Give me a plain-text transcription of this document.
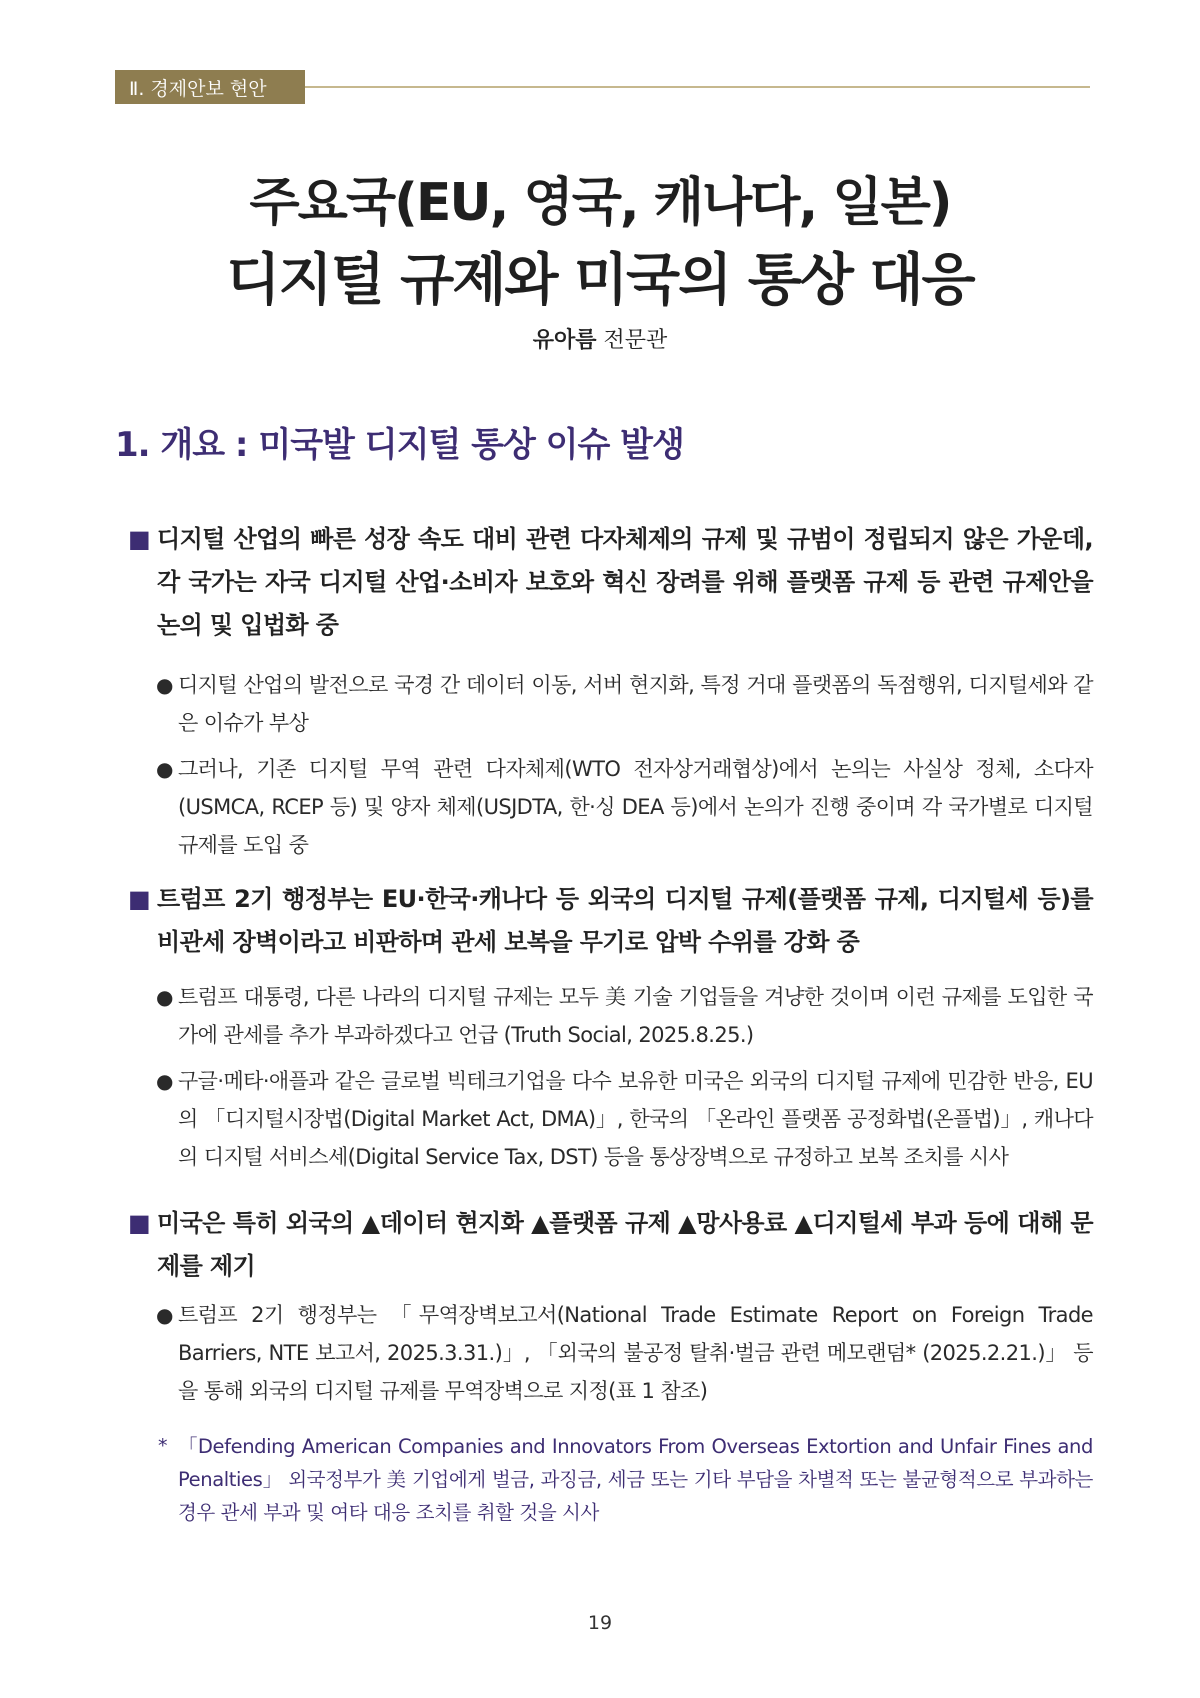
Ⅱ. 경제안보 현안
주요국(EU, 영국, 캐나다, 일본)
디지털 규제와 미국의 통상 대응
유아름 전문관
1. 개요 : 미국발 디지털 통상 이슈 발생
■ 디지털 산업의 빠른 성장 속도 대비 관련 다자체제의 규제 및 규범이 정립되지 않은 가운데, 각 국가는 자국 디지털 산업·소비자 보호와 혁신 장려를 위해 플랫폼 규제 등 관련 규제안을 논의 및 입법화 중
● 디지털 산업의 발전으로 국경 간 데이터 이동, 서버 현지화, 특정 거대 플랫폼의 독점행위, 디지털세와 같은 이슈가 부상
● 그러나, 기존 디지털 무역 관련 다자체제(WTO 전자상거래협상)에서 논의는 사실상 정체, 소다자(USMCA, RCEP 등) 및 양자 체제(USJDTA, 한·싱 DEA 등)에서 논의가 진행 중이며 각 국가별로 디지털 규제를 도입 중
■ 트럼프 2기 행정부는 EU·한국·캐나다 등 외국의 디지털 규제(플랫폼 규제, 디지털세 등)를 비관세 장벽이라고 비판하며 관세 보복을 무기로 압박 수위를 강화 중
● 트럼프 대통령, 다른 나라의 디지털 규제는 모두 美 기술 기업들을 겨냥한 것이며 이런 규제를 도입한 국가에 관세를 추가 부과하겠다고 언급 (Truth Social, 2025.8.25.)
● 구글·메타·애플과 같은 글로벌 빅테크기업을 다수 보유한 미국은 외국의 디지털 규제에 민감한 반응, EU의 「디지털시장법(Digital Market Act, DMA)」, 한국의 「온라인 플랫폼 공정화법(온플법)」, 캐나다의 디지털 서비스세(Digital Service Tax, DST) 등을 통상장벽으로 규정하고 보복 조치를 시사
■ 미국은 특히 외국의 ▲데이터 현지화 ▲플랫폼 규제 ▲망사용료 ▲디지털세 부과 등에 대해 문제를 제기
● 트럼프 2기 행정부는 「무역장벽보고서(National Trade Estimate Report on Foreign Trade Barriers, NTE 보고서, 2025.3.31.)」, 「외국의 불공정 탈취·벌금 관련 메모랜덤* (2025.2.21.)」 등을 통해 외국의 디지털 규제를 무역장벽으로 지정(표 1 참조)
* 「Defending American Companies and Innovators From Overseas Extortion and Unfair Fines and Penalties」 외국정부가 美 기업에게 벌금, 과징금, 세금 또는 기타 부담을 차별적 또는 불균형적으로 부과하는 경우 관세 부과 및 여타 대응 조치를 취할 것을 시사
19
